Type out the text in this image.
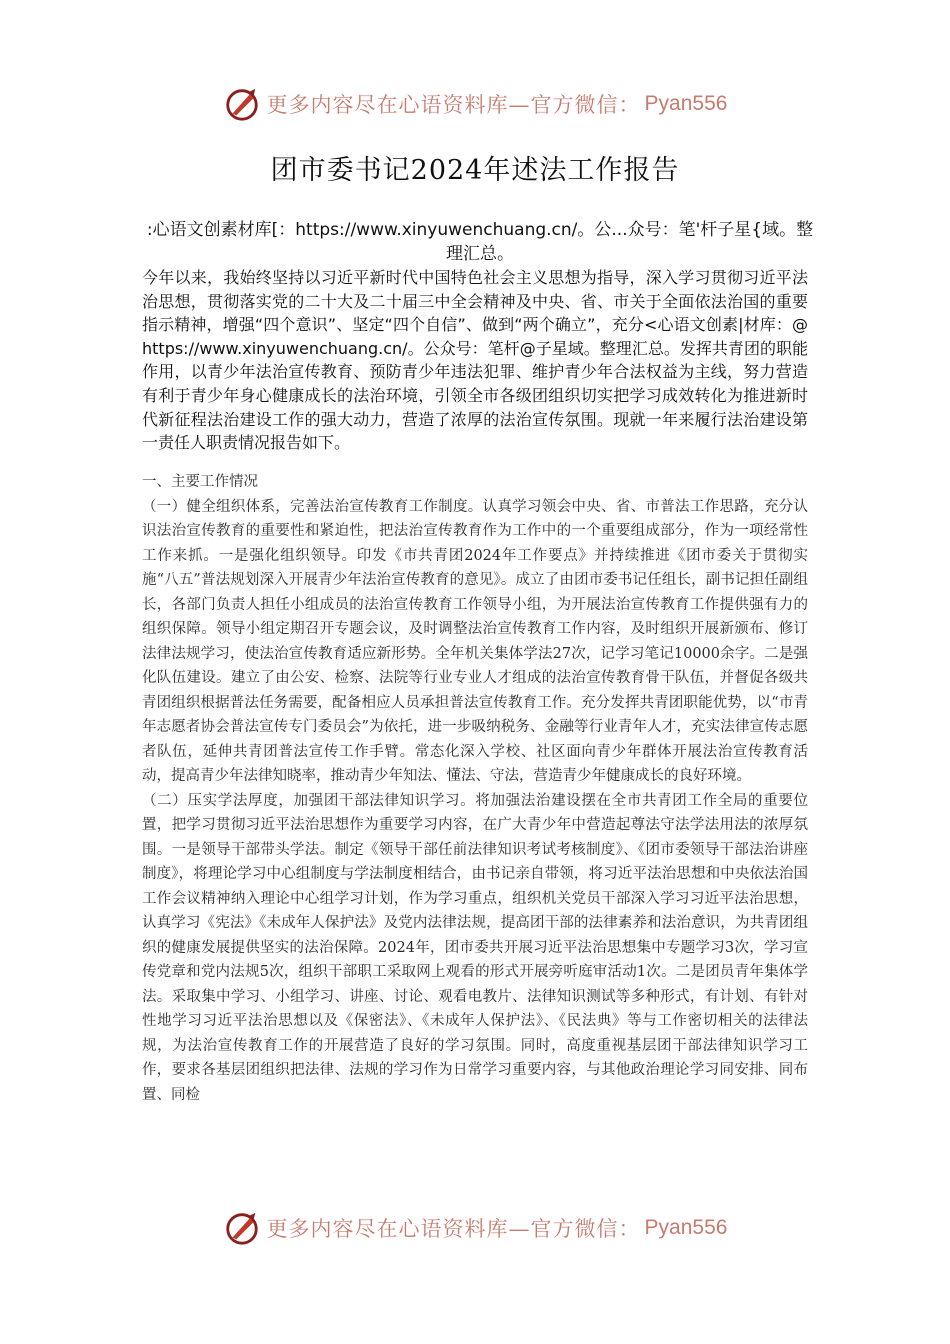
更多内容尽在心语资料库—官方微信： Pyan556
团市委书记2024年述法工作报告
:心语文创素材库[：https://www.xinyuwenchuang.cn/。公...众号：笔'杆子星{域。整理汇总。
今年以来，我始终坚持以习近平新时代中国特色社会主义思想为指导，深入学习贯彻习近平法治思想，贯彻落实党的二十大及二十届三中全会精神及中央、省、市关于全面依法治国的重要指示精神，增强“四个意识”、坚定“四个自信”、做到“两个确立”，充分<心语文创素|材库：@https://www.xinyuwenchuang.cn/。公众号：笔杆@子星域。整理汇总。发挥共青团的职能作用，以青少年法治宣传教育、预防青少年违法犯罪、维护青少年合法权益为主线，努力营造有利于青少年身心健康成长的法治环境，引领全市各级团组织切实把学习成效转化为推进新时代新征程法治建设工作的强大动力，营造了浓厚的法治宣传氛围。现就一年来履行法治建设第一责任人职责情况报告如下。

一、主要工作情况

（一）健全组织体系，完善法治宣传教育工作制度。认真学习领会中央、省、市普法工作思路，充分认识法治宣传教育的重要性和紧迫性，把法治宣传教育作为工作中的一个重要组成部分，作为一项经常性工作来抓。一是强化组织领导。印发《市共青团2024年工作要点》并持续推进《团市委关于贯彻实施“八五”普法规划深入开展青少年法治宣传教育的意见》。成立了由团市委书记任组长，副书记担任副组长，各部门负责人担任小组成员的法治宣传教育工作领导小组，为开展法治宣传教育工作提供强有力的组织保障。领导小组定期召开专题会议，及时调整法治宣传教育工作内容，及时组织开展新颁布、修订法律法规学习，使法治宣传教育适应新形势。全年机关集体学法27次，记学习笔记10000余字。二是强化队伍建设。建立了由公安、检察、法院等行业专业人才组成的法治宣传教育骨干队伍，并督促各级共青团组织根据普法任务需要，配备相应人员承担普法宣传教育工作。充分发挥共青团职能优势，以“市青年志愿者协会普法宣传专门委员会”为依托，进一步吸纳税务、金融等行业青年人才，充实法律宣传志愿者队伍，延伸共青团普法宣传工作手臂。常态化深入学校、社区面向青少年群体开展法治宣传教育活动，提高青少年法律知晓率，推动青少年知法、懂法、守法，营造青少年健康成长的良好环境。

（二）压实学法厚度，加强团干部法律知识学习。将加强法治建设摆在全市共青团工作全局的重要位置，把学习贯彻习近平法治思想作为重要学习内容，在广大青少年中营造起尊法守法学法用法的浓厚氛围。一是领导干部带头学法。制定《领导干部任前法律知识考试考核制度》、《团市委领导干部法治讲座制度》，将理论学习中心组制度与学法制度相结合，由书记亲自带领，将习近平法治思想和中央依法治国工作会议精神纳入理论中心组学习计划，作为学习重点，组织机关党员干部深入学习习近平法治思想，认真学习《宪法》《未成年人保护法》及党内法律法规，提高团干部的法律素养和法治意识，为共青团组织的健康发展提供坚实的法治保障。2024年，团市委共开展习近平法治思想集中专题学习3次，学习宣传党章和党内法规5次，组织干部职工采取网上观看的形式开展旁听庭审活动1次。二是团员青年集体学法。采取集中学习、小组学习、讲座、讨论、观看电教片、法律知识测试等多种形式，有计划、有针对性地学习习近平法治思想以及《保密法》、《未成年人保护法》、《民法典》等与工作密切相关的法律法规，为法治宣传教育工作的开展营造了良好的学习氛围。同时，高度重视基层团干部法律知识学习工作，要求各基层团组织把法律、法规的学习作为日常学习重要内容，与其他政治理论学习同安排、同布置、同检

更多内容尽在心语资料库—官方微信： Pyan556
